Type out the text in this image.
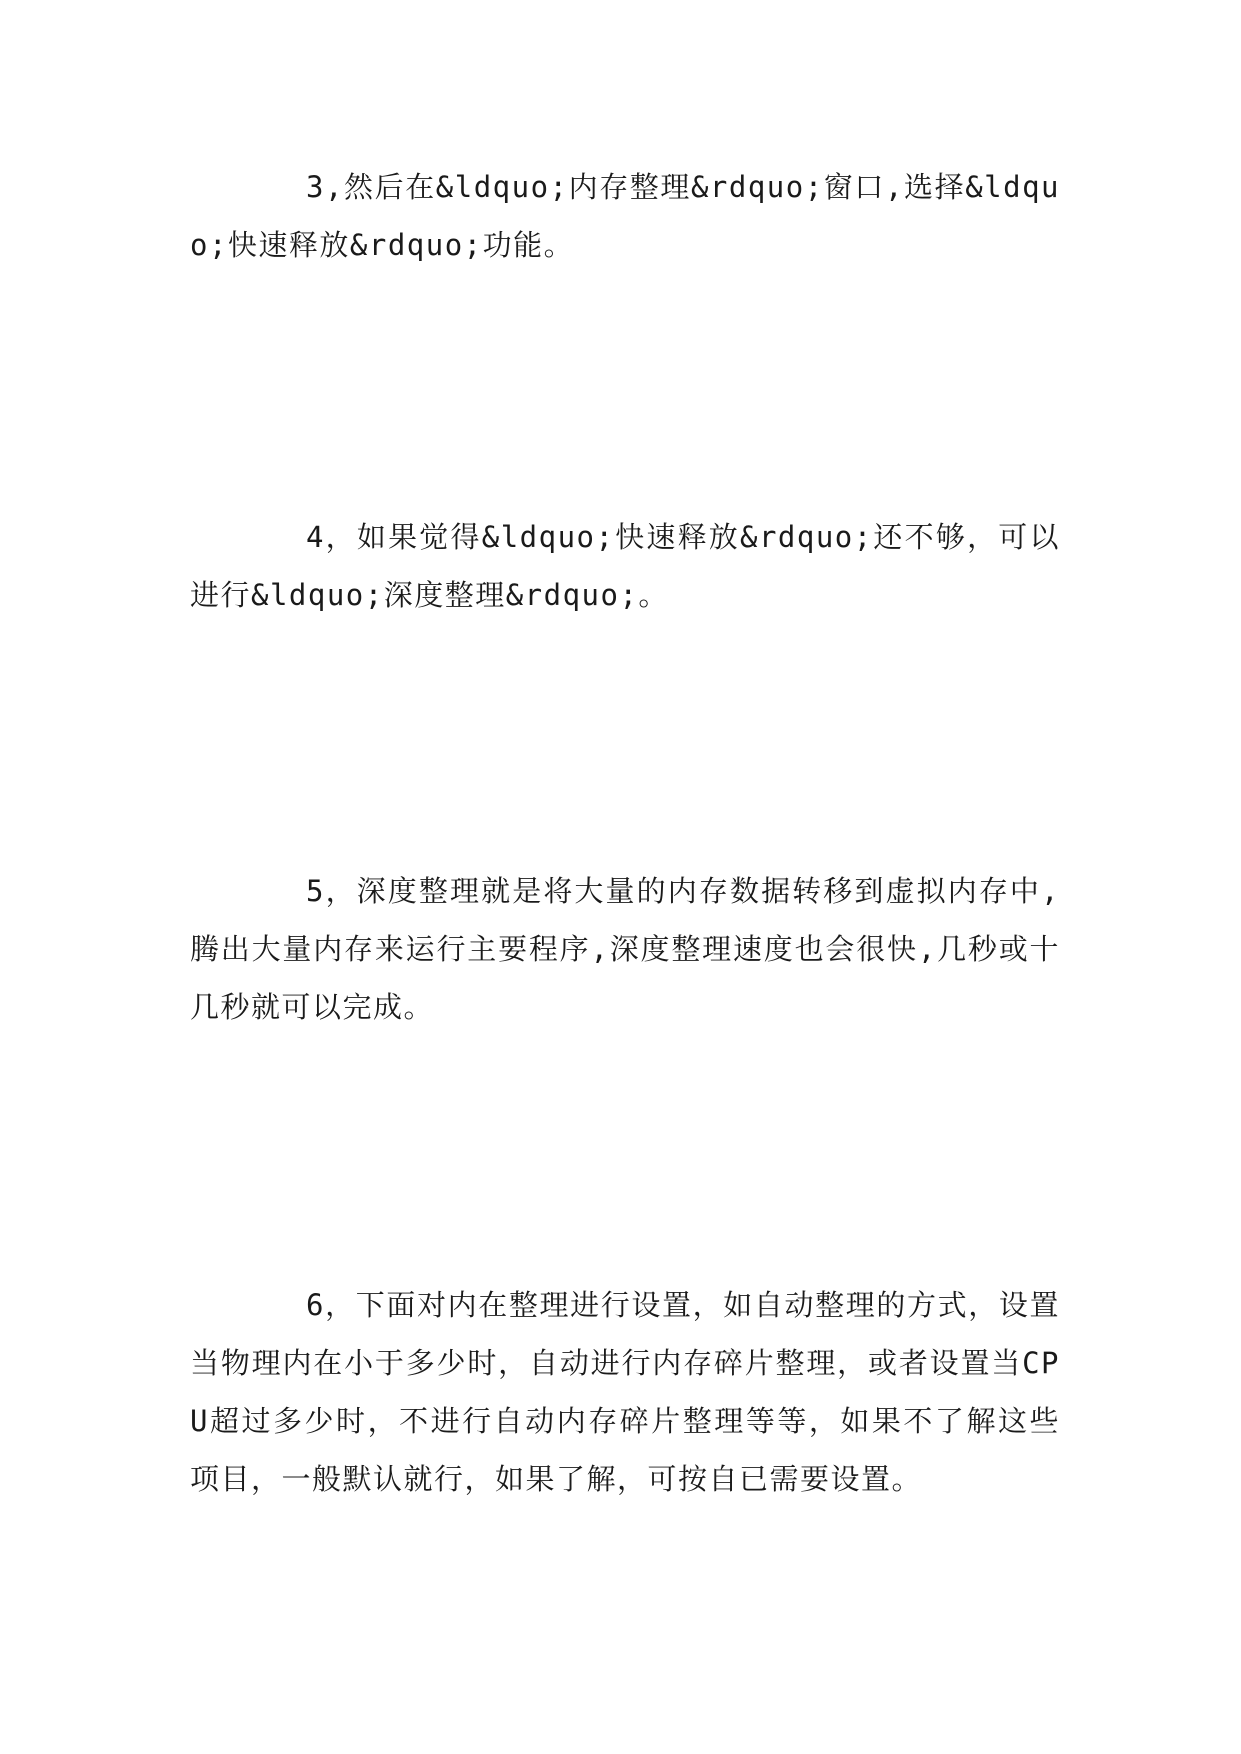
3,然后在&ldquo;内存整理&rdquo;窗口,选择&ldquo;快速释放&rdquo;功能。

4，如果觉得&ldquo;快速释放&rdquo;还不够，可以进行&ldquo;深度整理&rdquo;。

5，深度整理就是将大量的内存数据转移到虚拟内存中,腾出大量内存来运行主要程序,深度整理速度也会很快,几秒或十几秒就可以完成。

6，下面对内在整理进行设置，如自动整理的方式，设置当物理内在小于多少时，自动进行内存碎片整理，或者设置当CPU超过多少时，不进行自动内存碎片整理等等，如果不了解这些项目，一般默认就行，如果了解，可按自已需要设置。
